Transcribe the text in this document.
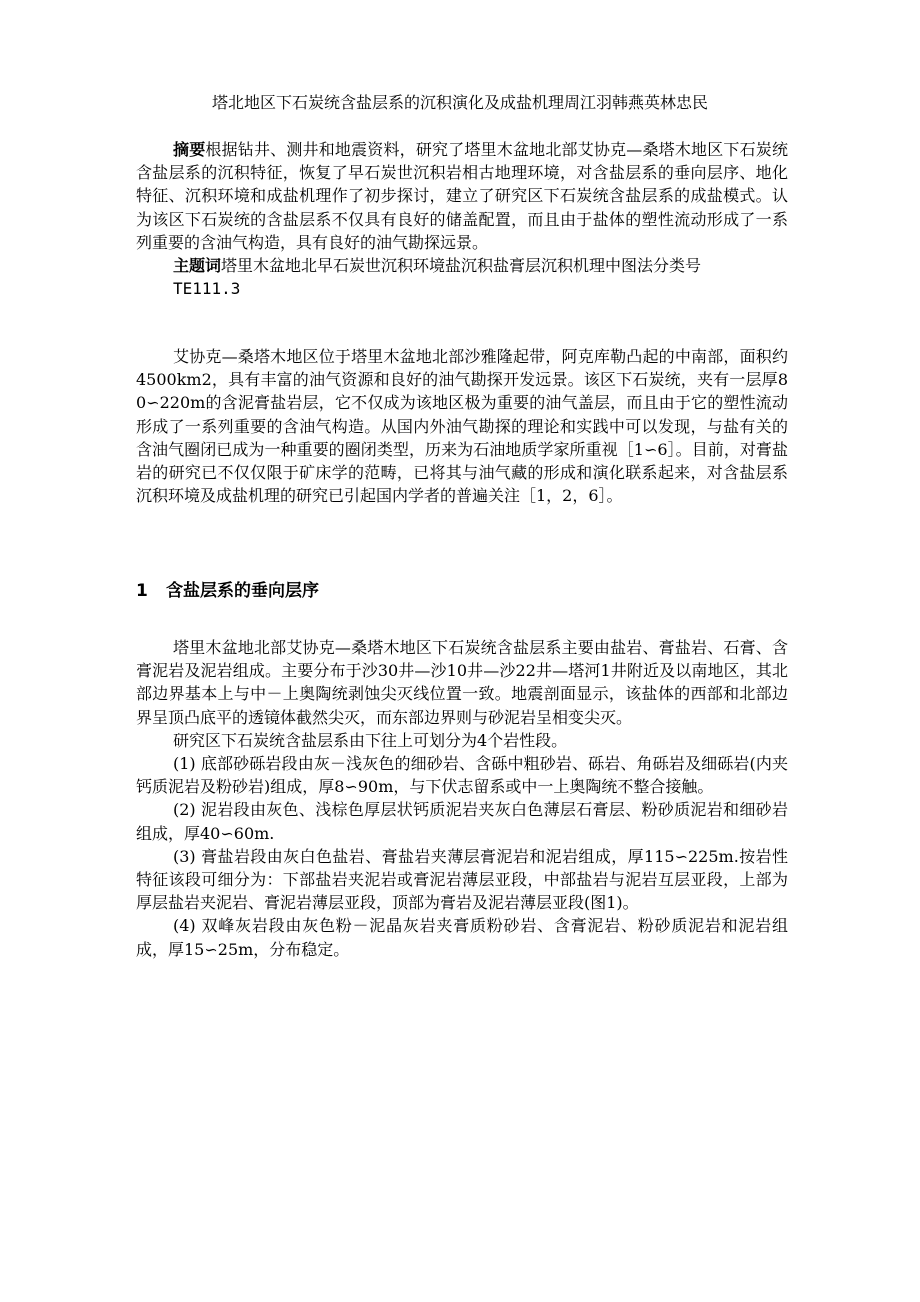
塔北地区下石炭统含盐层系的沉积演化及成盐机理周江羽韩燕英林忠民

摘要根据钻井、测井和地震资料，研究了塔里木盆地北部艾协克—桑塔木地区下石炭统含盐层系的沉积特征，恢复了早石炭世沉积岩相古地理环境，对含盐层系的垂向层序、地化特征、沉积环境和成盐机理作了初步探讨，建立了研究区下石炭统含盐层系的成盐模式。认为该区下石炭统的含盐层系不仅具有良好的储盖配置，而且由于盐体的塑性流动形成了一系列重要的含油气构造，具有良好的油气勘探远景。

主题词塔里木盆地北早石炭世沉积环境盐沉积盐膏层沉积机理中图法分类号

TE111.3

艾协克—桑塔木地区位于塔里木盆地北部沙雅隆起带，阿克库勒凸起的中南部，面积约4500km2，具有丰富的油气资源和良好的油气勘探开发远景。该区下石炭统，夹有一层厚80∽220m的含泥膏盐岩层，它不仅成为该地区极为重要的油气盖层，而且由于它的塑性流动形成了一系列重要的含油气构造。从国内外油气勘探的理论和实践中可以发现，与盐有关的含油气圈闭已成为一种重要的圈闭类型，历来为石油地质学家所重视［1∽6］。目前，对膏盐岩的研究已不仅仅限于矿床学的范畴，已将其与油气藏的形成和演化联系起来，对含盐层系沉积环境及成盐机理的研究已引起国内学者的普遍关注［1，2，6］。

1 含盐层系的垂向层序

塔里木盆地北部艾协克—桑塔木地区下石炭统含盐层系主要由盐岩、膏盐岩、石膏、含膏泥岩及泥岩组成。主要分布于沙30井—沙10井—沙22井—塔河1井附近及以南地区，其北部边界基本上与中－上奥陶统剥蚀尖灭线位置一致。地震剖面显示，该盐体的西部和北部边界呈顶凸底平的透镜体截然尖灭，而东部边界则与砂泥岩呈相变尖灭。

研究区下石炭统含盐层系由下往上可划分为4个岩性段。

(1) 底部砂砾岩段由灰－浅灰色的细砂岩、含砾中粗砂岩、砾岩、角砾岩及细砾岩(内夹钙质泥岩及粉砂岩)组成，厚8∽90m，与下伏志留系或中一上奥陶统不整合接触。

(2) 泥岩段由灰色、浅棕色厚层状钙质泥岩夹灰白色薄层石膏层、粉砂质泥岩和细砂岩组成，厚40∽60m.

(3) 膏盐岩段由灰白色盐岩、膏盐岩夹薄层膏泥岩和泥岩组成，厚115∽225m.按岩性特征该段可细分为：下部盐岩夹泥岩或膏泥岩薄层亚段，中部盐岩与泥岩互层亚段，上部为厚层盐岩夹泥岩、膏泥岩薄层亚段，顶部为膏岩及泥岩薄层亚段(图1)。

(4) 双峰灰岩段由灰色粉－泥晶灰岩夹膏质粉砂岩、含膏泥岩、粉砂质泥岩和泥岩组成，厚15∽25m，分布稳定。
